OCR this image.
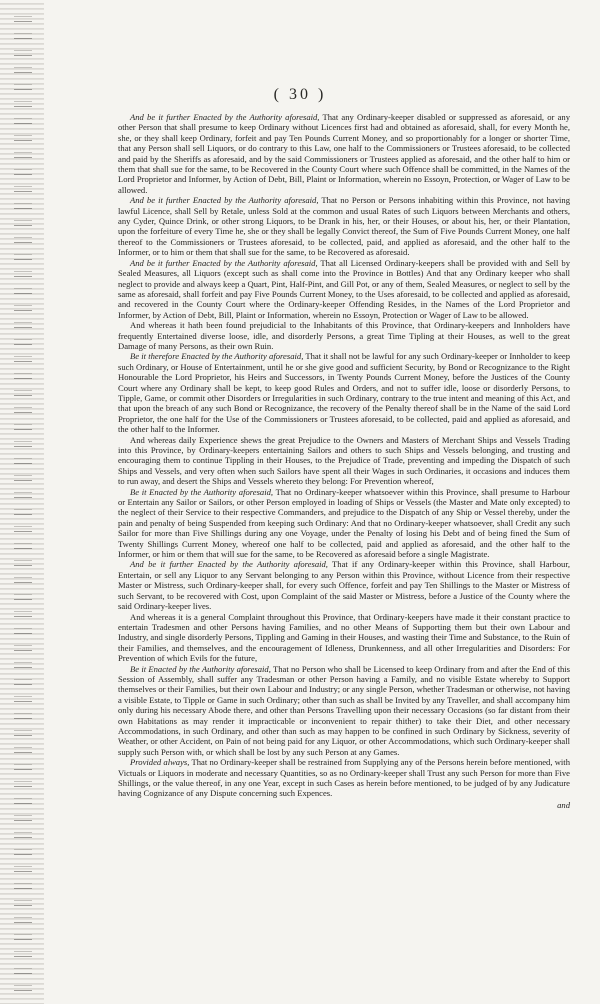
( 30 )

And be it further Enacted by the Authority aforesaid, That any Ordinary-keeper disabled or suppressed as aforesaid, or any other Person that shall presume to keep Ordinary without Licences first had and obtained as aforesaid, shall, for every Month he, she, or they shall keep Ordinary, forfeit and pay Ten Pounds Current Money, and so proportionably for a longer or shorter Time, that any Person shall sell Liquors, or do contrary to this Law, one half to the Commissioners or Trustees aforesaid, to be collected and paid by the Sheriffs as aforesaid, and by the said Commissioners or Trustees applied as aforesaid, and the other half to him or them that shall sue for the same, to be Recovered in the County Court where such Offence shall be committed, in the Names of the Lord Proprietor and Informer, by Action of Debt, Bill, Plaint or Information, wherein no Essoyn, Protection, or Wager of Law to be allowed.

And be it further Enacted by the Authority aforesaid, That no Person or Persons inhabiting within this Province, not having lawful Licence, shall Sell by Retale, unless Sold at the common and usual Rates of such Liquors between Merchants and others, any Cyder, Quince Drink, or other strong Liquors, to be Drank in his, her, or their Houses, or about his, her, or their Plantation, upon the forfeiture of every Time he, she or they shall be legally Convict thereof, the Sum of Five Pounds Current Money, one half thereof to the Commissioners or Trustees aforesaid, to be collected, paid, and applied as aforesaid, and the other half to the Informer, or to him or them that shall sue for the same, to be Recovered as aforesaid.

And be it further Enacted by the Authority aforesaid, That all Licensed Ordinary-keepers shall be provided with and Sell by Sealed Measures, all Liquors (except such as shall come into the Province in Bottles) And that any Ordinary keeper who shall neglect to provide and always keep a Quart, Pint, Half-Pint, and Gill Pot, or any of them, Sealed Measures, or neglect to sell by the same as aforesaid, shall forfeit and pay Five Pounds Current Money, to the Uses aforesaid, to be collected and applied as aforesaid, and recovered in the County Court where the Ordinary-keeper Offending Resides, in the Names of the Lord Proprietor and Informer, by Action of Debt, Bill, Plaint or Information, wherein no Essoyn, Protection or Wager of Law to be allowed.

And whereas it hath been found prejudicial to the Inhabitants of this Province, that Ordinary-keepers and Innholders have frequently Entertained diverse loose, idle, and disorderly Persons, a great Time Tipling at their Houses, as well to the great Damage of many Persons, as their own Ruin.

Be it therefore Enacted by the Authority aforesaid, That it shall not be lawful for any such Ordinary-keeper or Innholder to keep such Ordinary, or House of Entertainment, until he or she give good and sufficient Security, by Bond or Recognizance to the Right Honourable the Lord Proprietor, his Heirs and Successors, in Twenty Pounds Current Money, before the Justices of the County Court where any Ordinary shall be kept, to keep good Rules and Orders, and not to suffer idle, loose or disorderly Persons, to Tipple, Game, or commit other Disorders or Irregularities in such Ordinary, contrary to the true intent and meaning of this Act, and that upon the breach of any such Bond or Recognizance, the recovery of the Penalty thereof shall be in the Name of the said Lord Proprietor, the one half for the Use of the Commissioners or Trustees aforesaid, to be collected, paid and applied as aforesaid, and the other half to the Informer.

And whereas daily Experience shews the great Prejudice to the Owners and Masters of Merchant Ships and Vessels Trading into this Province, by Ordinary-keepers entertaining Sailors and others to such Ships and Vessels belonging, and trusting and encouraging them to continue Tippling in their Houses, to the Prejudice of Trade, preventing and impeding the Dispatch of such Ships and Vessels, and very often when such Sailors have spent all their Wages in such Ordinaries, it occasions and induces them to run away, and desert the Ships and Vessels whereto they belong: For Prevention whereof,

Be it Enacted by the Authority aforesaid, That no Ordinary-keeper whatsoever within this Province, shall presume to Harbour or Entertain any Sailor or Sailors, or other Person employed in loading of Ships or Vessels (the Master and Mate only excepted) to the neglect of their Service to their respective Commanders, and prejudice to the Dispatch of any Ship or Vessel thereby, under the pain and penalty of being Suspended from keeping such Ordinary: And that no Ordinary-keeper whatsoever, shall Credit any such Sailor for more than Five Shillings during any one Voyage, under the Penalty of losing his Debt and of being fined the Sum of Twenty Shillings Current Money, whereof one half to be collected, paid and applied as aforesaid, and the other half to the Informer, or him or them that will sue for the same, to be Recovered as aforesaid before a single Magistrate.

And be it further Enacted by the Authority aforesaid, That if any Ordinary-keeper within this Province, shall Harbour, Entertain, or sell any Liquor to any Servant belonging to any Person within this Province, without Licence from their respective Master or Mistress, such Ordinary-keeper shall, for every such Offence, forfeit and pay Ten Shillings to the Master or Mistress of such Servant, to be recovered with Cost, upon Complaint of the said Master or Mistress, before a Justice of the County where the said Ordinary-keeper lives.

And whereas it is a general Complaint throughout this Province, that Ordinary-keepers have made it their constant practice to entertain Tradesmen and other Persons having Families, and no other Means of Supporting them but their own Labour and Industry, and single disorderly Persons, Tippling and Gaming in their Houses, and wasting their Time and Substance, to the Ruin of their Families, and themselves, and the encouragement of Idleness, Drunkenness, and all other Irregularities and Disorders: For Prevention of which Evils for the future,

Be it Enacted by the Authority aforesaid, That no Person who shall be Licensed to keep Ordinary from and after the End of this Session of Assembly, shall suffer any Tradesman or other Person having a Family, and no visible Estate whereby to Support themselves or their Families, but their own Labour and Industry; or any single Person, whether Tradesman or otherwise, not having a visible Estate, to Tipple or Game in such Ordinary; other than such as shall be Invited by any Traveller, and shall accompany him only during his necessary Abode there, and other than Persons Travelling upon their necessary Occasions (so far distant from their own Habitations as may render it impracticable or inconvenient to repair thither) to take their Diet, and other necessary Accommodations, in such Ordinary, and other than such as may happen to be confined in such Ordinary by Sickness, severity of Weather, or other Accident, on Pain of not being paid for any Liquor, or other Accommodations, which such Ordinary-keeper shall supply such Person with, or which shall be lost by any such Person at any Games.

Provided always, That no Ordinary-keeper shall be restrained from Supplying any of the Persons herein before mentioned, with Victuals or Liquors in moderate and necessary Quantities, so as no Ordinary-keeper shall Trust any such Person for more than Five Shillings, or the value thereof, in any one Year, except in such Cases as herein before mentioned, to be judged of by any Judicature having Cognizance of any Dispute concerning such Expences.

and
